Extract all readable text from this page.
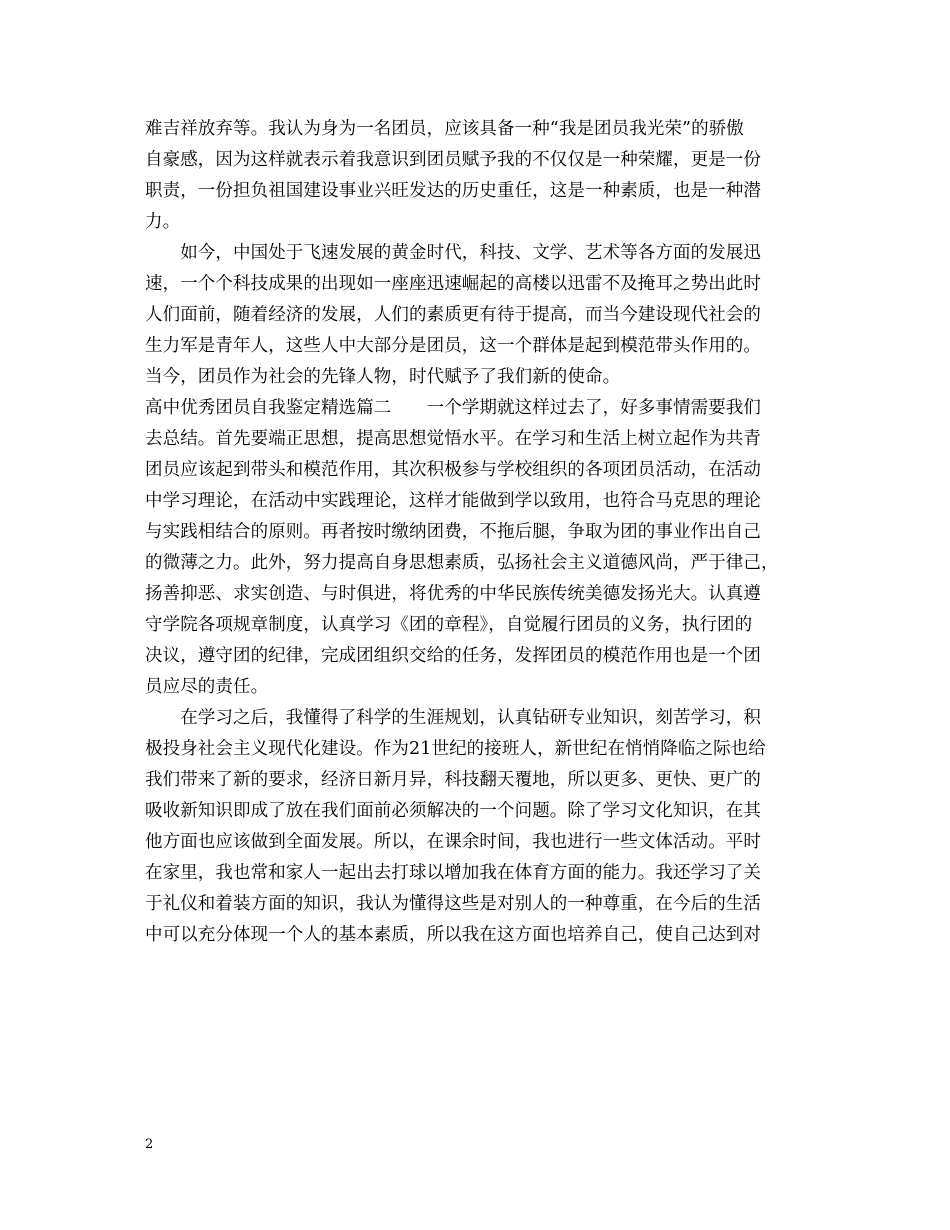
难吉祥放弃等。我认为身为一名团员，应该具备一种“我是团员我光荣”的骄傲
自豪感，因为这样就表示着我意识到团员赋予我的不仅仅是一种荣耀，更是一份
职责，一份担负祖国建设事业兴旺发达的历史重任，这是一种素质，也是一种潜
力。
　　如今，中国处于飞速发展的黄金时代，科技、文学、艺术等各方面的发展迅
速，一个个科技成果的出现如一座座迅速崛起的高楼以迅雷不及掩耳之势出此时
人们面前，随着经济的发展，人们的素质更有待于提高，而当今建设现代社会的
生力军是青年人，这些人中大部分是团员，这一个群体是起到模范带头作用的。
当今，团员作为社会的先锋人物，时代赋予了我们新的使命。
高中优秀团员自我鉴定精选篇二　　一个学期就这样过去了，好多事情需要我们
去总结。首先要端正思想，提高思想觉悟水平。在学习和生活上树立起作为共青
团员应该起到带头和模范作用，其次积极参与学校组织的各项团员活动，在活动
中学习理论，在活动中实践理论，这样才能做到学以致用，也符合马克思的理论
与实践相结合的原则。再者按时缴纳团费，不拖后腿，争取为团的事业作出自己
的微薄之力。此外，努力提高自身思想素质，弘扬社会主义道德风尚，严于律己，
扬善抑恶、求实创造、与时俱进，将优秀的中华民族传统美德发扬光大。认真遵
守学院各项规章制度，认真学习《团的章程》，自觉履行团员的义务，执行团的
决议，遵守团的纪律，完成团组织交给的任务，发挥团员的模范作用也是一个团
员应尽的责任。
　　在学习之后，我懂得了科学的生涯规划，认真钻研专业知识，刻苦学习，积
极投身社会主义现代化建设。作为21世纪的接班人，新世纪在悄悄降临之际也给
我们带来了新的要求，经济日新月异，科技翻天覆地，所以更多、更快、更广的
吸收新知识即成了放在我们面前必须解决的一个问题。除了学习文化知识，在其
他方面也应该做到全面发展。所以，在课余时间，我也进行一些文体活动。平时
在家里，我也常和家人一起出去打球以增加我在体育方面的能力。我还学习了关
于礼仪和着装方面的知识，我认为懂得这些是对别人的一种尊重，在今后的生活
中可以充分体现一个人的基本素质，所以我在这方面也培养自己，使自己达到对
2
